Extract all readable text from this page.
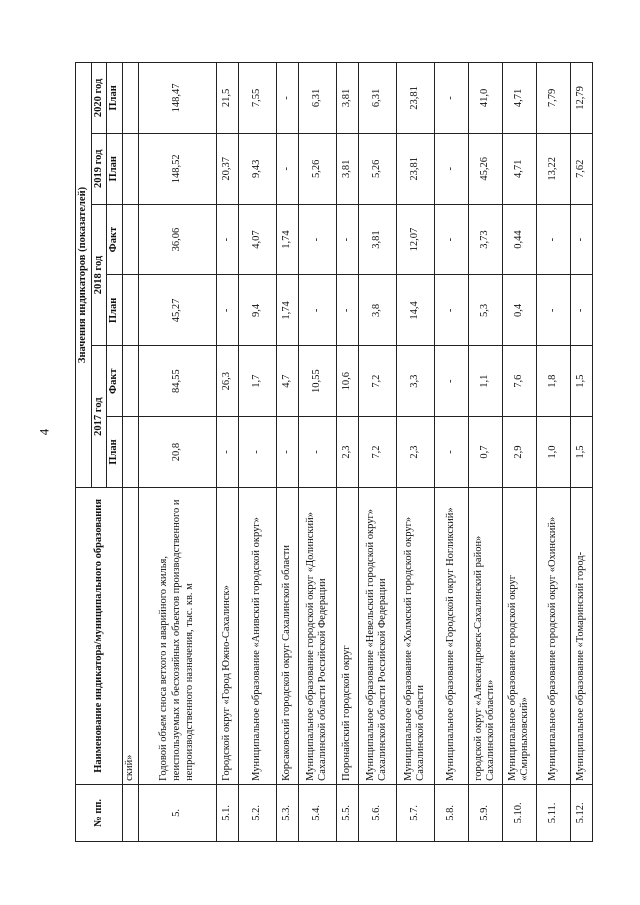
4
№ пп.	Наименование индикатора/муниципального образования	Значения индикаторов (показателей)					
		2017 год		2018 год		2019 год	2020 год
		План	Факт	План	Факт	План	План
	ский»						
5.	Годовой объем сноса ветхого и аварийного жилья, неиспользуемых и бесхозяйных объектов производственного и непроизводственного назначения, тыс. кв. м	20,8	84,55	45,27	36,06	148,52	148,47
5.1.	Городской округ «Город Южно-Сахалинск»	-	26,3	-	-	20,37	21,5
5.2.	Муниципальное образование «Анивский городской округ»	-	1,7	9,4	4,07	9,43	7,55
5.3.	Корсаковский городской округ Сахалинской области	-	4,7	1,74	1,74	-	-
5.4.	Муниципальное образование городской округ «Долинский» Сахалинской области Российской Федерации	-	10,55	-	-	5,26	6,31
5.5.	Поронайский городской округ	2,3	10,6	-	-	3,81	3,81
5.6.	Муниципальное образование «Невельский городской округ» Сахалинской области Российской Федерации	7,2	7,2	3,8	3,81	5,26	6,31
5.7.	Муниципальное образование «Холмский городской округ» Сахалинской области	2,3	3,3	14,4	12,07	23,81	23,81
5.8.	Муниципальное образование «Городской округ Ногликский»	-	-	-	-	-	-
5.9.	городской округ «Александровск-Сахалинский район» Сахалинской области»	0,7	1,1	5,3	3,73	45,26	41,0
5.10.	Муниципальное образование городской округ «Смирныховский»	2,9	7,6	0,4	0,44	4,71	4,71
5.11.	Муниципальное образование городской округ «Охинский»	1,0	1,8	-	-	13,22	7,79
5.12.	Муниципальное образование «Томаринский город-	1,5	1,5	-	-	7,62	12,79
